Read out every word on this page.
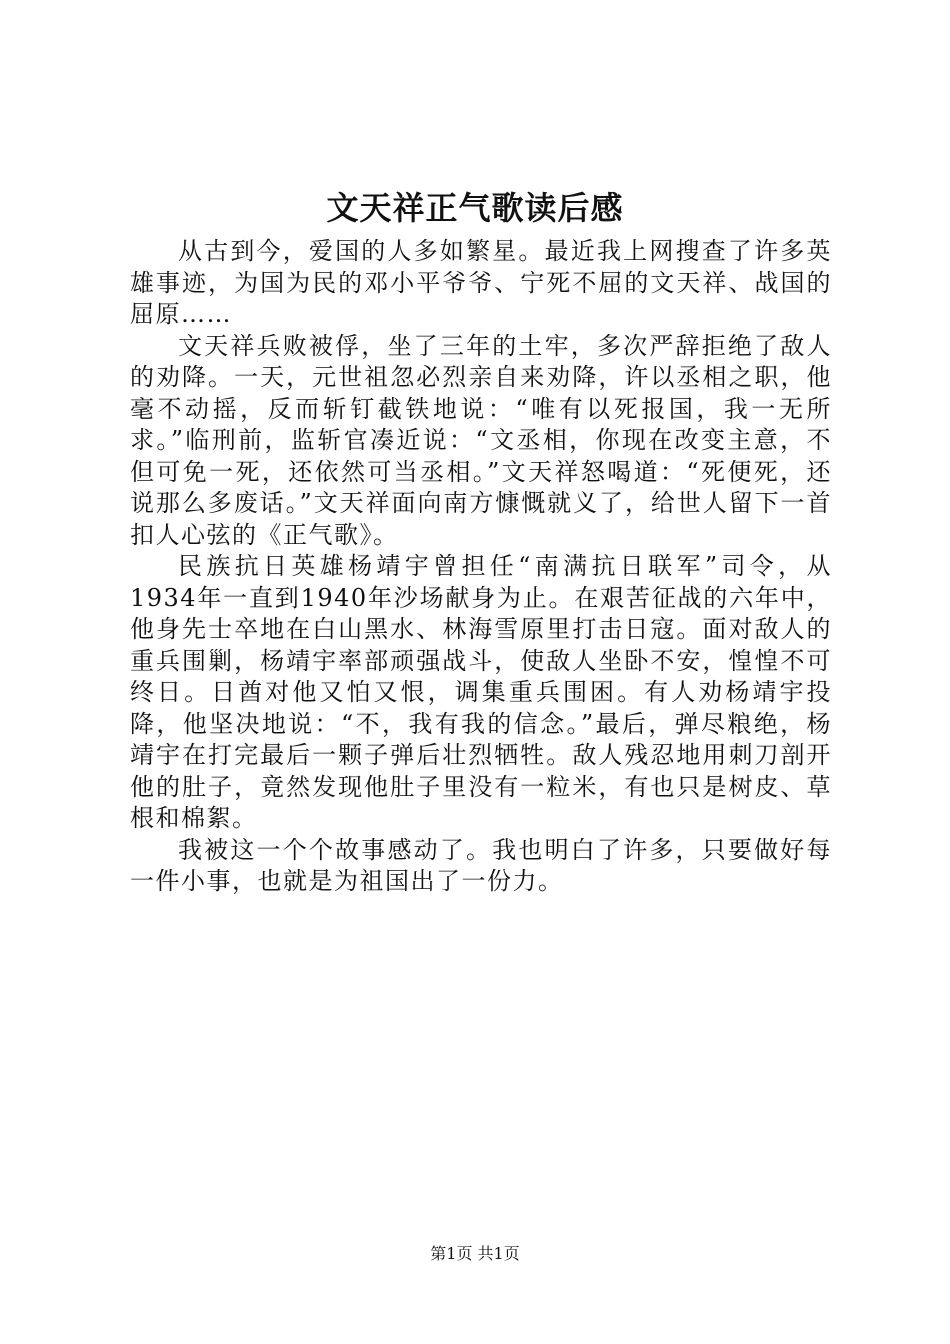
文天祥正气歌读后感

从古到今，爱国的人多如繁星。最近我上网搜查了许多英雄事迹，为国为民的邓小平爷爷、宁死不屈的文天祥、战国的屈原……

文天祥兵败被俘，坐了三年的土牢，多次严辞拒绝了敌人的劝降。一天，元世祖忽必烈亲自来劝降，许以丞相之职，他毫不动摇，反而斩钉截铁地说：“唯有以死报国，我一无所求。”临刑前，监斩官凑近说：“文丞相，你现在改变主意，不但可免一死，还依然可当丞相。”文天祥怒喝道：“死便死，还说那么多废话。”文天祥面向南方慷慨就义了，给世人留下一首扣人心弦的《正气歌》。

民族抗日英雄杨靖宇曾担任“南满抗日联军”司令，从1934年一直到1940年沙场献身为止。在艰苦征战的六年中，他身先士卒地在白山黑水、林海雪原里打击日寇。面对敌人的重兵围剿，杨靖宇率部顽强战斗，使敌人坐卧不安，惶惶不可终日。日酋对他又怕又恨，调集重兵围困。有人劝杨靖宇投降，他坚决地说：“不，我有我的信念。”最后，弹尽粮绝，杨靖宇在打完最后一颗子弹后壮烈牺牲。敌人残忍地用刺刀剖开他的肚子，竟然发现他肚子里没有一粒米，有也只是树皮、草根和棉絮。

我被这一个个故事感动了。我也明白了许多，只要做好每一件小事，也就是为祖国出了一份力。

第1页 共1页
